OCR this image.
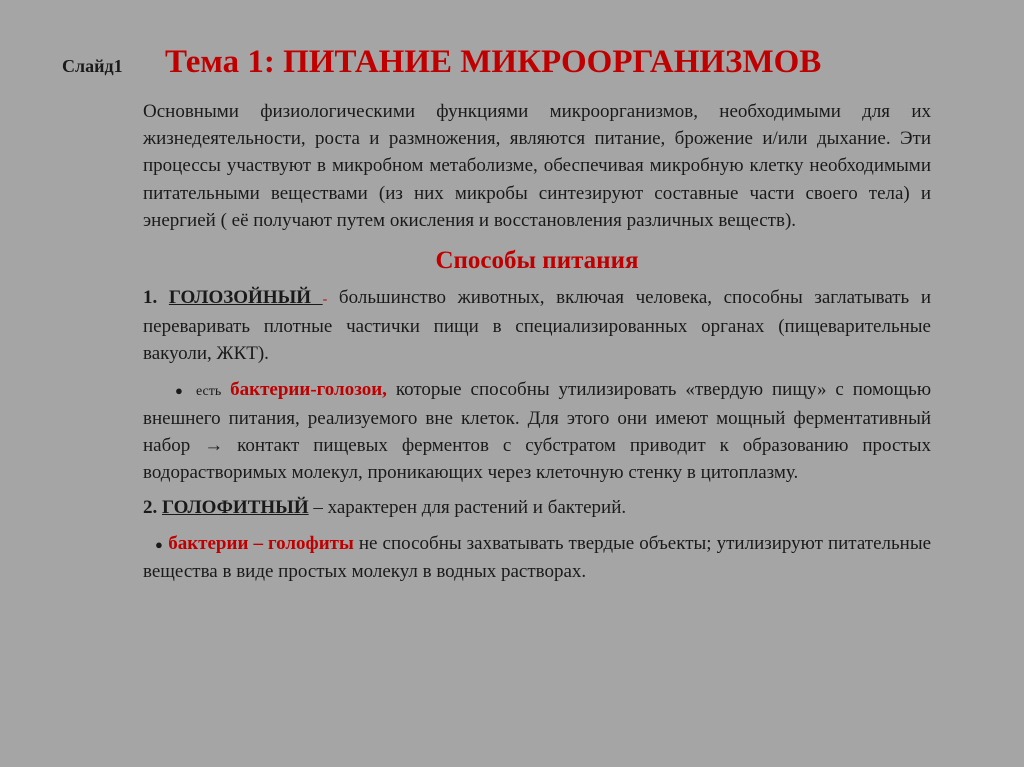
Слайд1 Тема 1: ПИТАНИЕ МИКРООРГАНИЗМОВ

Основными физиологическими функциями микроорганизмов, необходимыми для их жизнедеятельности, роста и размножения, являются питание, брожение и/или дыхание. Эти процессы участвуют в микробном метаболизме, обеспечивая микробную клетку необходимыми питательными веществами (из них микробы синтезируют составные части своего тела) и энергией ( её получают путем окисления и восстановления различных веществ).

Способы питания

1. ГОЛОЗОЙНЫЙ - большинство животных, включая человека, способны заглатывать и переваривать плотные частички пищи в специализированных органах (пищеварительные вакуоли, ЖКТ).

● есть бактерии-голозои, которые способны утилизировать «твердую пищу» с помощью внешнего питания, реализуемого вне клеток. Для этого они имеют мощный ферментативный набор → контакт пищевых ферментов с субстратом приводит к образованию простых водорастворимых молекул, проникающих через клеточную стенку в цитоплазму.

2. ГОЛОФИТНЫЙ – характерен для растений и бактерий.

● бактерии – голофиты не способны захватывать твердые объекты; утилизируют питательные вещества в виде простых молекул в водных растворах.
